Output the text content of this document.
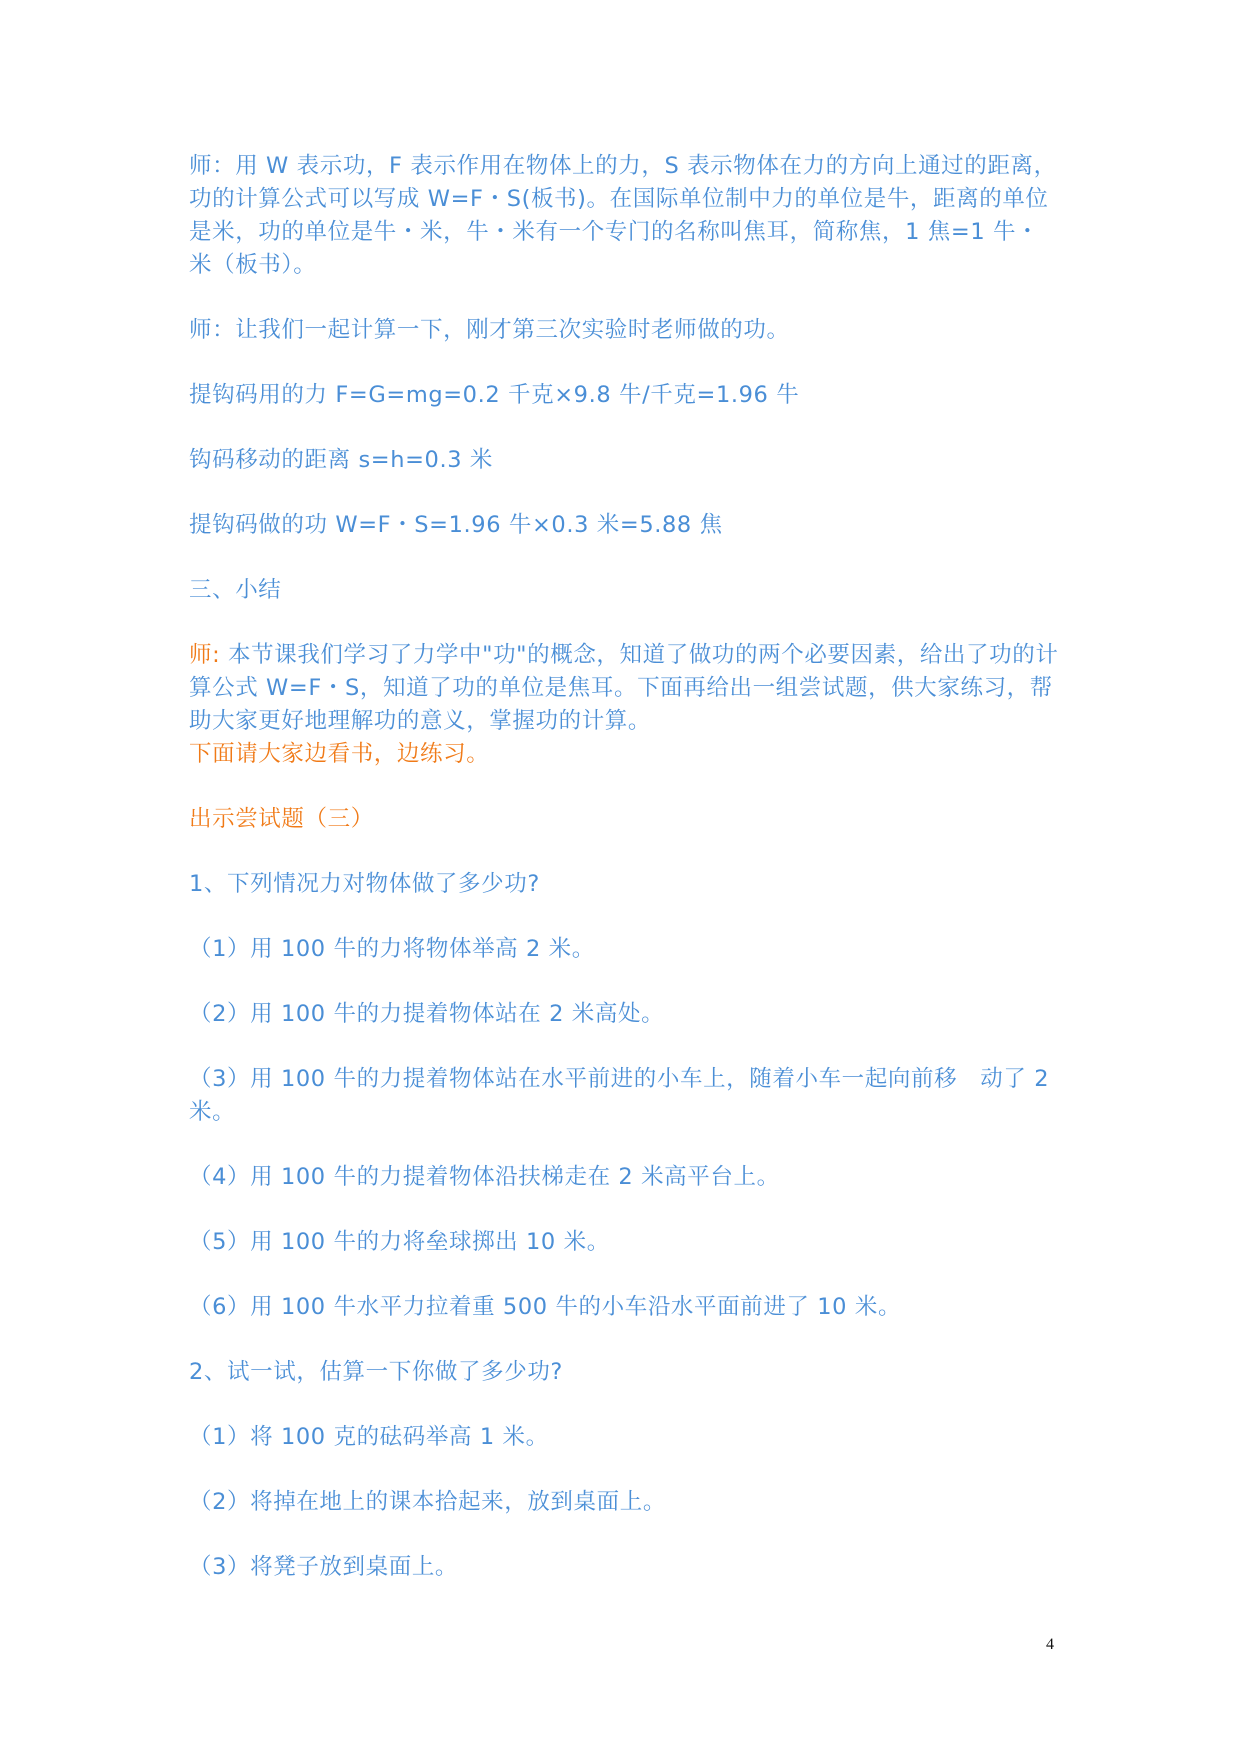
师：用 W 表示功，F 表示作用在物体上的力，S 表示物体在力的方向上通过的距离，功的计算公式可以写成 W=F・S(板书)。在国际单位制中力的单位是牛，距离的单位是米，功的单位是牛・米，牛・米有一个专门的名称叫焦耳，简称焦，1 焦=1 牛・米（板书）。

师：让我们一起计算一下，刚才第三次实验时老师做的功。

提钩码用的力 F=G=mg=0.2 千克×9.8 牛/千克=1.96 牛

钩码移动的距离 s=h=0.3 米

提钩码做的功 W=F・S=1.96 牛×0.3 米=5.88 焦

三、小结

师: 本节课我们学习了力学中"功"的概念，知道了做功的两个必要因素，给出了功的计算公式 W=F・S，知道了功的单位是焦耳。下面再给出一组尝试题，供大家练习，帮助大家更好地理解功的意义，掌握功的计算。

下面请大家边看书，边练习。

出示尝试题（三）

1、下列情况力对物体做了多少功?

（1）用 100 牛的力将物体举高 2 米。

（2）用 100 牛的力提着物体站在 2 米高处。

（3）用 100 牛的力提着物体站在水平前进的小车上，随着小车一起向前移　动了 2 米。

（4）用 100 牛的力提着物体沿扶梯走在 2 米高平台上。

（5）用 100 牛的力将垒球掷出 10 米。

（6）用 100 牛水平力拉着重 500 牛的小车沿水平面前进了 10 米。

2、试一试，估算一下你做了多少功?

（1）将 100 克的砝码举高 1 米。

（2）将掉在地上的课本拾起来，放到桌面上。

（3）将凳子放到桌面上。

4
